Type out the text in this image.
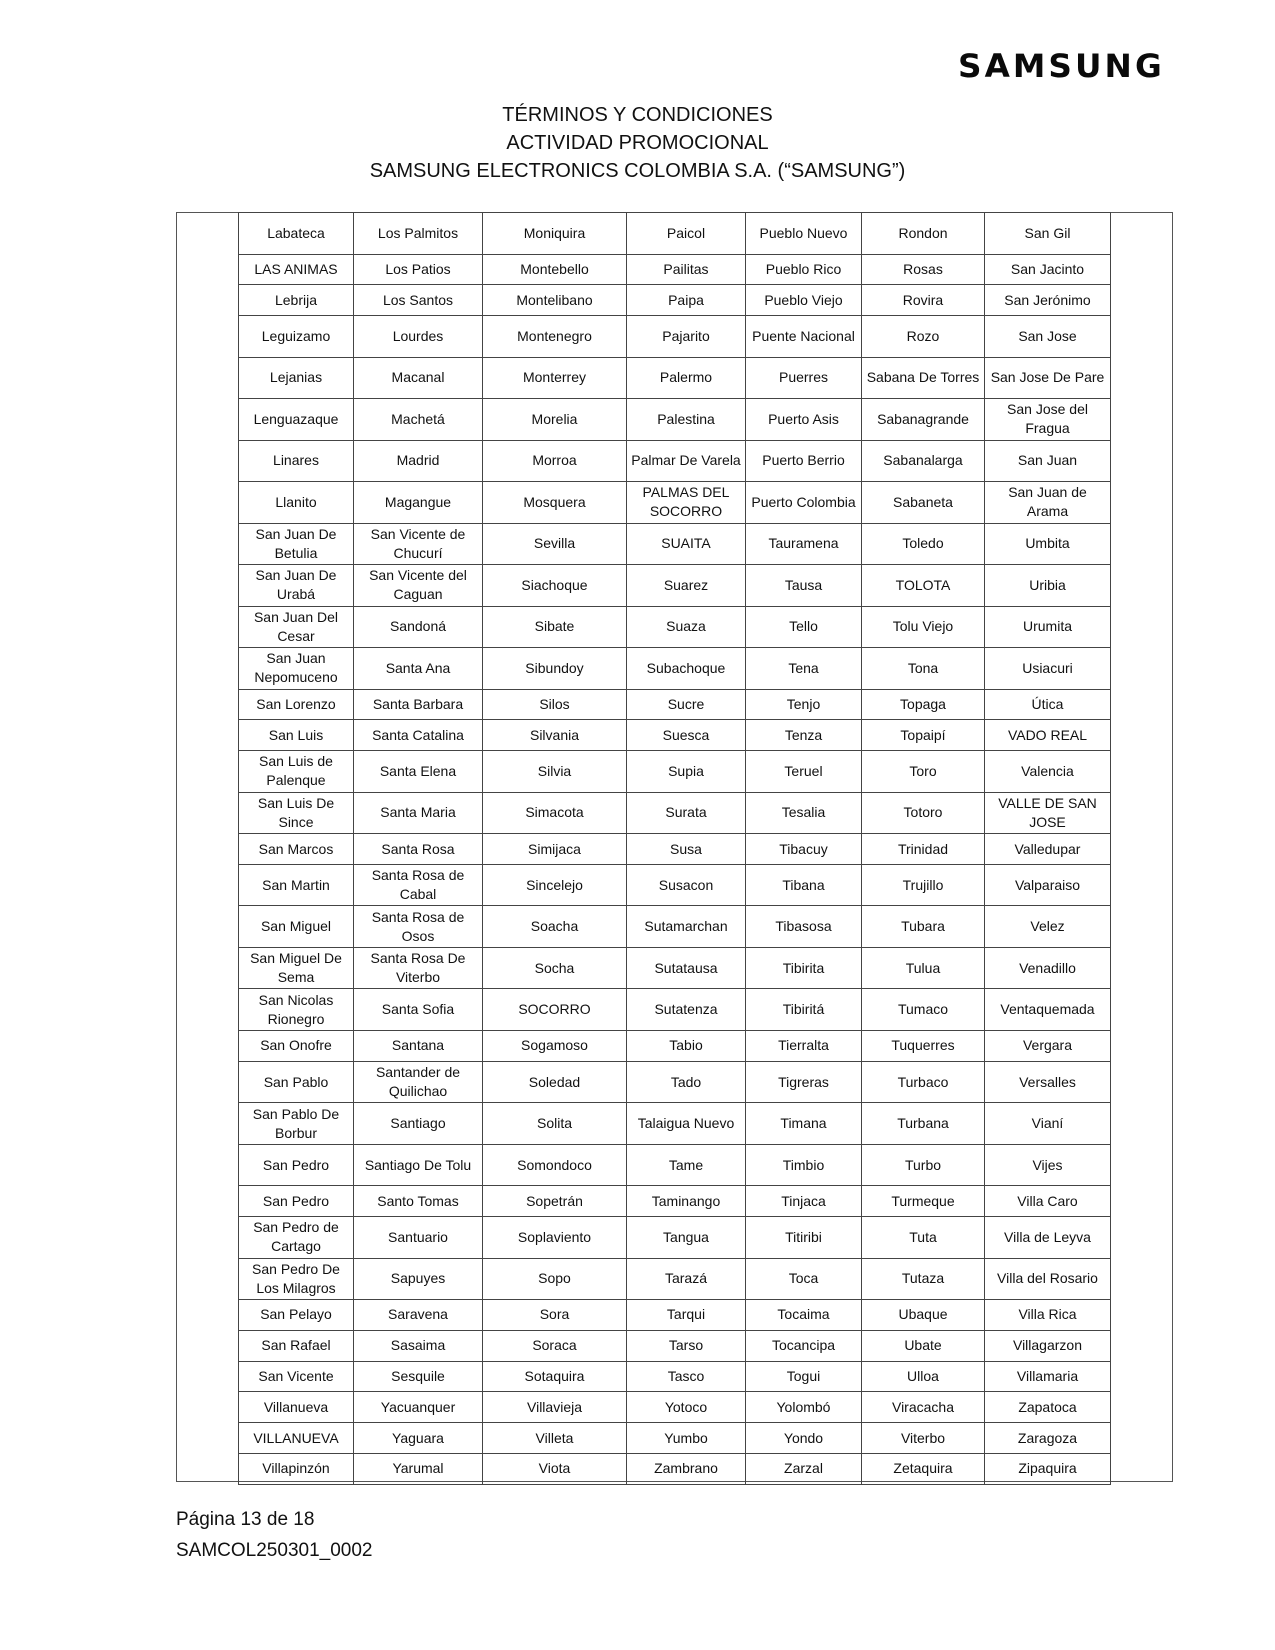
SAMSUNG
TÉRMINOS Y CONDICIONES
ACTIVIDAD PROMOCIONAL
SAMSUNG ELECTRONICS COLOMBIA S.A. (“SAMSUNG”)
Labateca	Los Palmitos	Moniquira	Paicol	Pueblo Nuevo	Rondon	San Gil
LAS ANIMAS	Los Patios	Montebello	Pailitas	Pueblo Rico	Rosas	San Jacinto
Lebrija	Los Santos	Montelibano	Paipa	Pueblo Viejo	Rovira	San Jerónimo
Leguizamo	Lourdes	Montenegro	Pajarito	Puente Nacional	Rozo	San Jose
Lejanias	Macanal	Monterrey	Palermo	Puerres	Sabana De Torres	San Jose De Pare
Lenguazaque	Machetá	Morelia	Palestina	Puerto Asis	Sabanagrande	San Jose del Fragua
Linares	Madrid	Morroa	Palmar De Varela	Puerto Berrio	Sabanalarga	San Juan
Llanito	Magangue	Mosquera	PALMAS DEL SOCORRO	Puerto Colombia	Sabaneta	San Juan de Arama
San Juan De Betulia	San Vicente de Chucurí	Sevilla	SUAITA	Tauramena	Toledo	Umbita
San Juan De Urabá	San Vicente del Caguan	Siachoque	Suarez	Tausa	TOLOTA	Uribia
San Juan Del Cesar	Sandoná	Sibate	Suaza	Tello	Tolu Viejo	Urumita
San Juan Nepomuceno	Santa Ana	Sibundoy	Subachoque	Tena	Tona	Usiacuri
San Lorenzo	Santa Barbara	Silos	Sucre	Tenjo	Topaga	Útica
San Luis	Santa Catalina	Silvania	Suesca	Tenza	Topaipí	VADO REAL
San Luis de Palenque	Santa Elena	Silvia	Supia	Teruel	Toro	Valencia
San Luis De Since	Santa Maria	Simacota	Surata	Tesalia	Totoro	VALLE DE SAN JOSE
San Marcos	Santa Rosa	Simijaca	Susa	Tibacuy	Trinidad	Valledupar
San Martin	Santa Rosa de Cabal	Sincelejo	Susacon	Tibana	Trujillo	Valparaiso
San Miguel	Santa Rosa de Osos	Soacha	Sutamarchan	Tibasosa	Tubara	Velez
San Miguel De Sema	Santa Rosa De Viterbo	Socha	Sutatausa	Tibirita	Tulua	Venadillo
San Nicolas Rionegro	Santa Sofia	SOCORRO	Sutatenza	Tibiritá	Tumaco	Ventaquemada
San Onofre	Santana	Sogamoso	Tabio	Tierralta	Tuquerres	Vergara
San Pablo	Santander de Quilichao	Soledad	Tado	Tigreras	Turbaco	Versalles
San Pablo De Borbur	Santiago	Solita	Talaigua Nuevo	Timana	Turbana	Vianí
San Pedro	Santiago De Tolu	Somondoco	Tame	Timbio	Turbo	Vijes
San Pedro	Santo Tomas	Sopetrán	Taminango	Tinjaca	Turmeque	Villa Caro
San Pedro de Cartago	Santuario	Soplaviento	Tangua	Titiribi	Tuta	Villa de Leyva
San Pedro De Los Milagros	Sapuyes	Sopo	Tarazá	Toca	Tutaza	Villa del Rosario
San Pelayo	Saravena	Sora	Tarqui	Tocaima	Ubaque	Villa Rica
San Rafael	Sasaima	Soraca	Tarso	Tocancipa	Ubate	Villagarzon
San Vicente	Sesquile	Sotaquira	Tasco	Togui	Ulloa	Villamaria
Villanueva	Yacuanquer	Villavieja	Yotoco	Yolombó	Viracacha	Zapatoca
VILLANUEVA	Yaguara	Villeta	Yumbo	Yondo	Viterbo	Zaragoza
Villapinzón	Yarumal	Viota	Zambrano	Zarzal	Zetaquira	Zipaquira
Página 13 de 18
SAMCOL250301_0002
